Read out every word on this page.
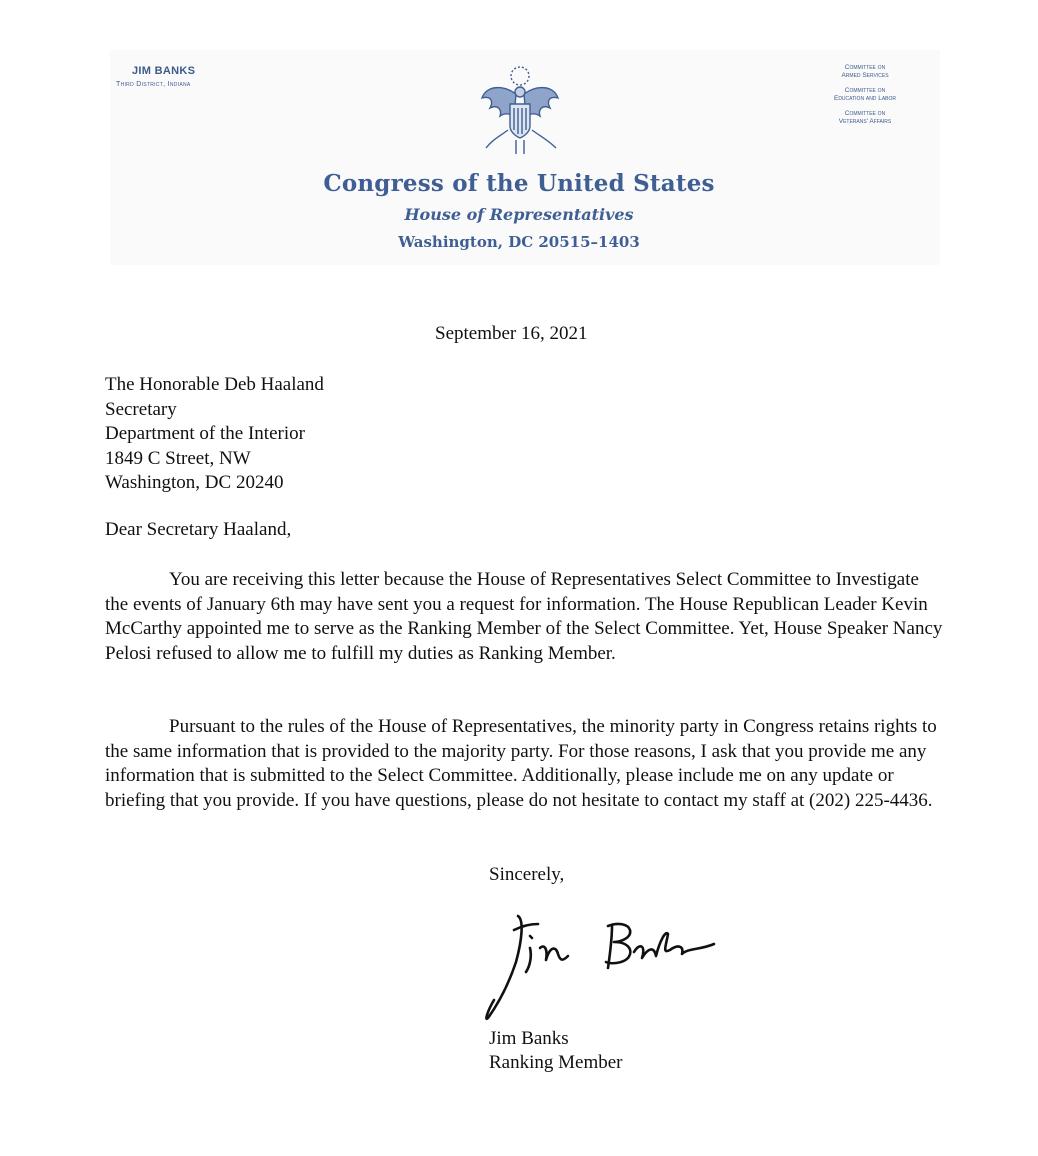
JIM BANKS
Third District, Indiana
Committee on
Armed Services
Committee on
Education and Labor
Committee on
Veterans' Affairs
Congress of the United States
House of Representatives
Washington, DC 20515–1403
September 16, 2021
The Honorable Deb Haaland
Secretary
Department of the Interior
1849 C Street, NW
Washington, DC 20240
Dear Secretary Haaland,
You are receiving this letter because the House of Representatives Select Committee to Investigate the events of January 6th may have sent you a request for information. The House Republican Leader Kevin McCarthy appointed me to serve as the Ranking Member of the Select Committee. Yet, House Speaker Nancy Pelosi refused to allow me to fulfill my duties as Ranking Member.
Pursuant to the rules of the House of Representatives, the minority party in Congress retains rights to the same information that is provided to the majority party. For those reasons, I ask that you provide me any information that is submitted to the Select Committee. Additionally, please include me on any update or briefing that you provide. If you have questions, please do not hesitate to contact my staff at (202) 225-4436.
Sincerely,
Jim Banks
Ranking Member
